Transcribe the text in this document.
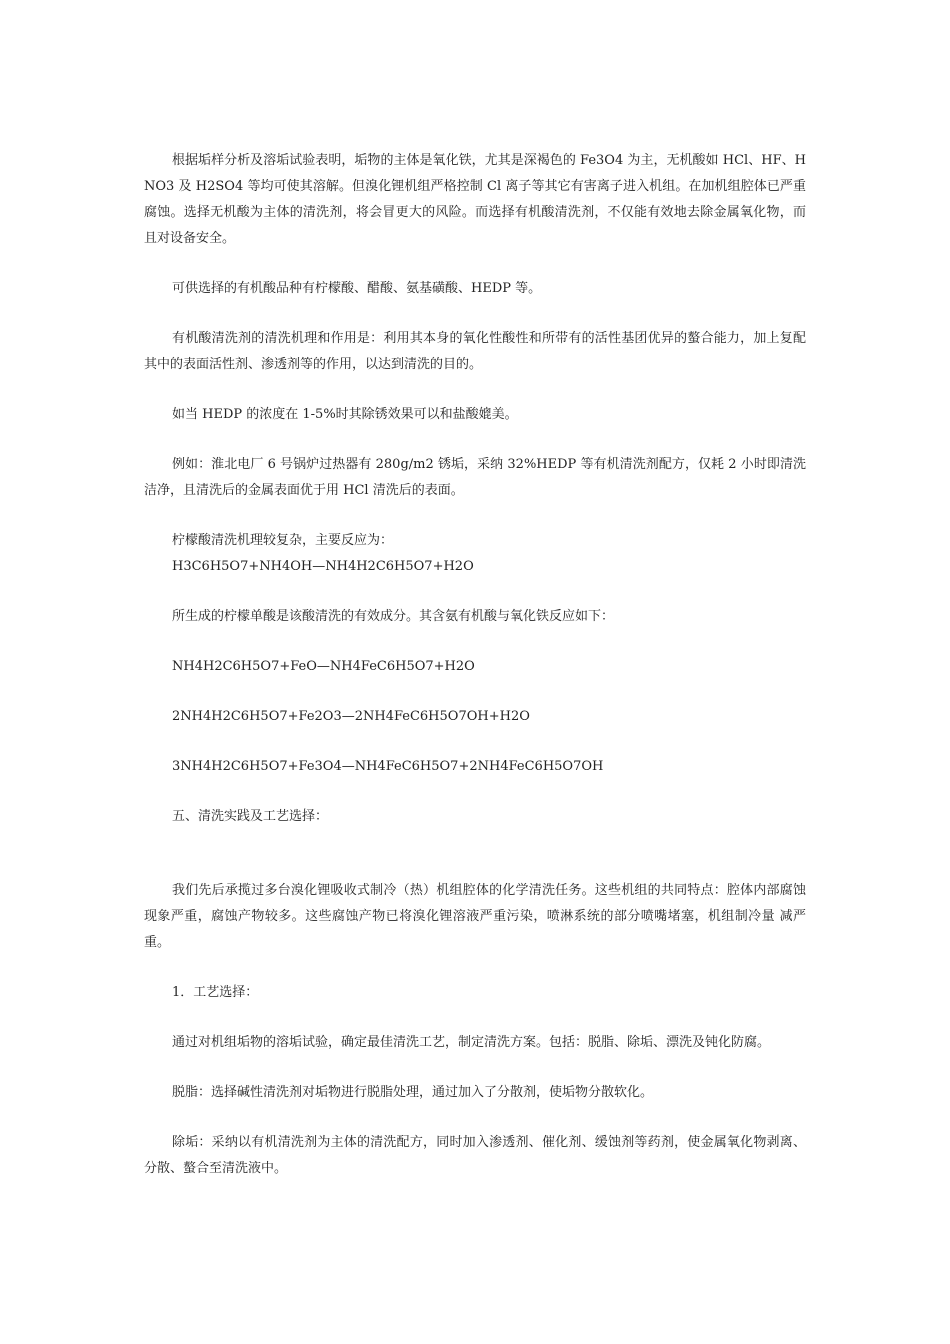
根据垢样分析及溶垢试验表明，垢物的主体是氧化铁，尤其是深褐色的 Fe3O4 为主，无机酸如 HCl、HF、HNO3 及 H2SO4 等均可使其溶解。但溴化锂机组严格控制 Cl 离子等其它有害离子进入机组。在加机组腔体已严重腐蚀。选择无机酸为主体的清洗剂，将会冒更大的风险。而选择有机酸清洗剂，不仅能有效地去除金属氧化物，而且对设备安全。

可供选择的有机酸品种有柠檬酸、醋酸、氨基磺酸、HEDP 等。

有机酸清洗剂的清洗机理和作用是：利用其本身的氧化性酸性和所带有的活性基团优异的螯合能力，加上复配其中的表面活性剂、渗透剂等的作用，以达到清洗的目的。

如当 HEDP 的浓度在 1-5%时其除锈效果可以和盐酸媲美。

例如：淮北电厂 6 号锅炉过热器有 280g/m2 锈垢，采纳 32%HEDP 等有机清洗剂配方，仅耗 2 小时即清洗洁净，且清洗后的金属表面优于用 HCl 清洗后的表面。

柠檬酸清洗机理较复杂，主要反应为：

H3C6H5O7+NH4OH—NH4H2C6H5O7+H2O

所生成的柠檬单酸是该酸清洗的有效成分。其含氨有机酸与氧化铁反应如下：

NH4H2C6H5O7+FeO—NH4FeC6H5O7+H2O

2NH4H2C6H5O7+Fe2O3—2NH4FeC6H5O7OH+H2O

3NH4H2C6H5O7+Fe3O4—NH4FeC6H5O7+2NH4FeC6H5O7OH

五、清洗实践及工艺选择：

我们先后承揽过多台溴化锂吸收式制冷（热）机组腔体的化学清洗任务。这些机组的共同特点：腔体内部腐蚀现象严重，腐蚀产物较多。这些腐蚀产物已将溴化锂溶液严重污染，喷淋系统的部分喷嘴堵塞，机组制冷量 减严重。

1．工艺选择：

通过对机组垢物的溶垢试验，确定最佳清洗工艺，制定清洗方案。包括：脱脂、除垢、漂洗及钝化防腐。

脱脂：选择碱性清洗剂对垢物进行脱脂处理，通过加入了分散剂，使垢物分散软化。

除垢：采纳以有机清洗剂为主体的清洗配方，同时加入渗透剂、催化剂、缓蚀剂等药剂，使金属氧化物剥离、分散、螯合至清洗液中。
